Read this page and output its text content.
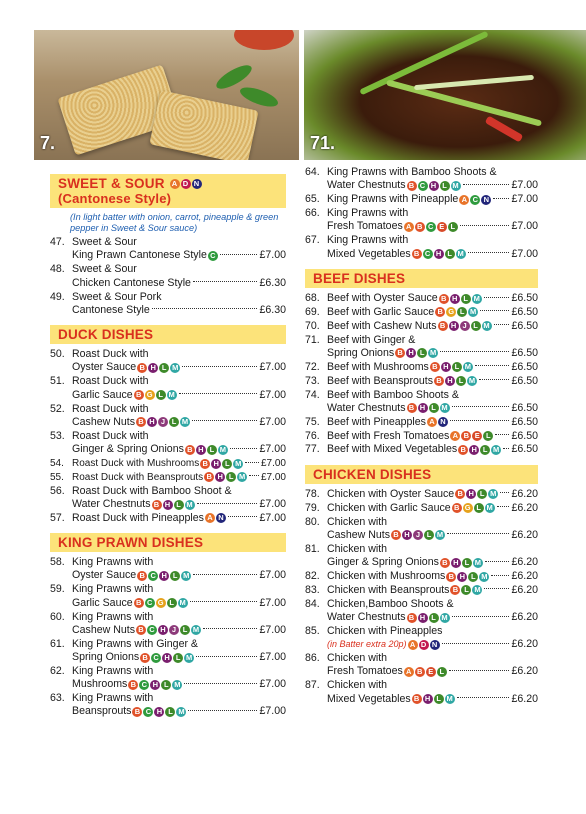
7.	71.
SWEET & SOUR A D N
(Cantonese Style)
(In light batter with onion, carrot, pineapple & green pepper in Sweet & Sour sauce)
47. Sweet & Sour
King Prawn Cantonese Style C	£7.00
48. Sweet & Sour
Chicken Cantonese Style	£6.30
49. Sweet & Sour Pork
Cantonese Style	£6.30
DUCK DISHES
50. Roast Duck with
Oyster Sauce B H L M	£7.00
51. Roast Duck with
Garlic Sauce B G L M	£7.00
52. Roast Duck with
Cashew Nuts B H J L M	£7.00
53. Roast Duck with
Ginger & Spring Onions B H L M	£7.00
54. Roast Duck with Mushrooms B H L M £7.00
55. Roast Duck with Beansprouts B H L M £7.00
56. Roast Duck with Bamboo Shoot &
Water Chestnuts B H L M	£7.00
57. Roast Duck with Pineapples A N	£7.00
KING PRAWN DISHES
58. King Prawns with
Oyster Sauce B C H L M	£7.00
59. King Prawns with
Garlic Sauce B C G L M	£7.00
60. King Prawns with
Cashew Nuts B C H J L M	£7.00
61. King Prawns with Ginger &
Spring Onions B C H L M	£7.00
62. King Prawns with
Mushrooms B C H L M	£7.00
63. King Prawns with
Beansprouts B C H L M	£7.00
64. King Prawns with Bamboo Shoots &
Water Chestnuts B C H L M	£7.00
65. King Prawns with Pineapple A C N £7.00
66. King Prawns with
Fresh Tomatoes A B C E L	£7.00
67. King Prawns with
Mixed Vegetables B C H L M	£7.00
BEEF DISHES
68. Beef with Oyster Sauce B H L M	£6.50
69. Beef with Garlic Sauce B G L M	£6.50
70. Beef with Cashew Nuts B H J L M £6.50
71. Beef with Ginger &
Spring Onions B H L M	£6.50
72. Beef with Mushrooms B H L M	£6.50
73. Beef with Beansprouts B H L M	£6.50
74. Beef with Bamboo Shoots &
Water Chestnuts B H L M	£6.50
75. Beef with Pineapples A N	£6.50
76. Beef with Fresh Tomatoes A B E L £6.50
77. Beef with Mixed Vegetables B H L M £6.50
CHICKEN DISHES
78. Chicken with Oyster Sauce B H L M £6.20
79. Chicken with Garlic Sauce B G L M £6.20
80. Chicken with
Cashew Nuts B H J L M	£6.20
81. Chicken with
Ginger & Spring Onions B H L M	£6.20
82. Chicken with Mushrooms B H L M £6.20
83. Chicken with Beansprouts B L M	£6.20
84. Chicken,Bamboo Shoots &
Water Chestnuts B H L M	£6.20
85. Chicken with Pineapples
(in Batter extra 20p) A D N	£6.20
86. Chicken with
Fresh Tomatoes A B E L	£6.20
87. Chicken with
Mixed Vegetables B H L M	£6.20
